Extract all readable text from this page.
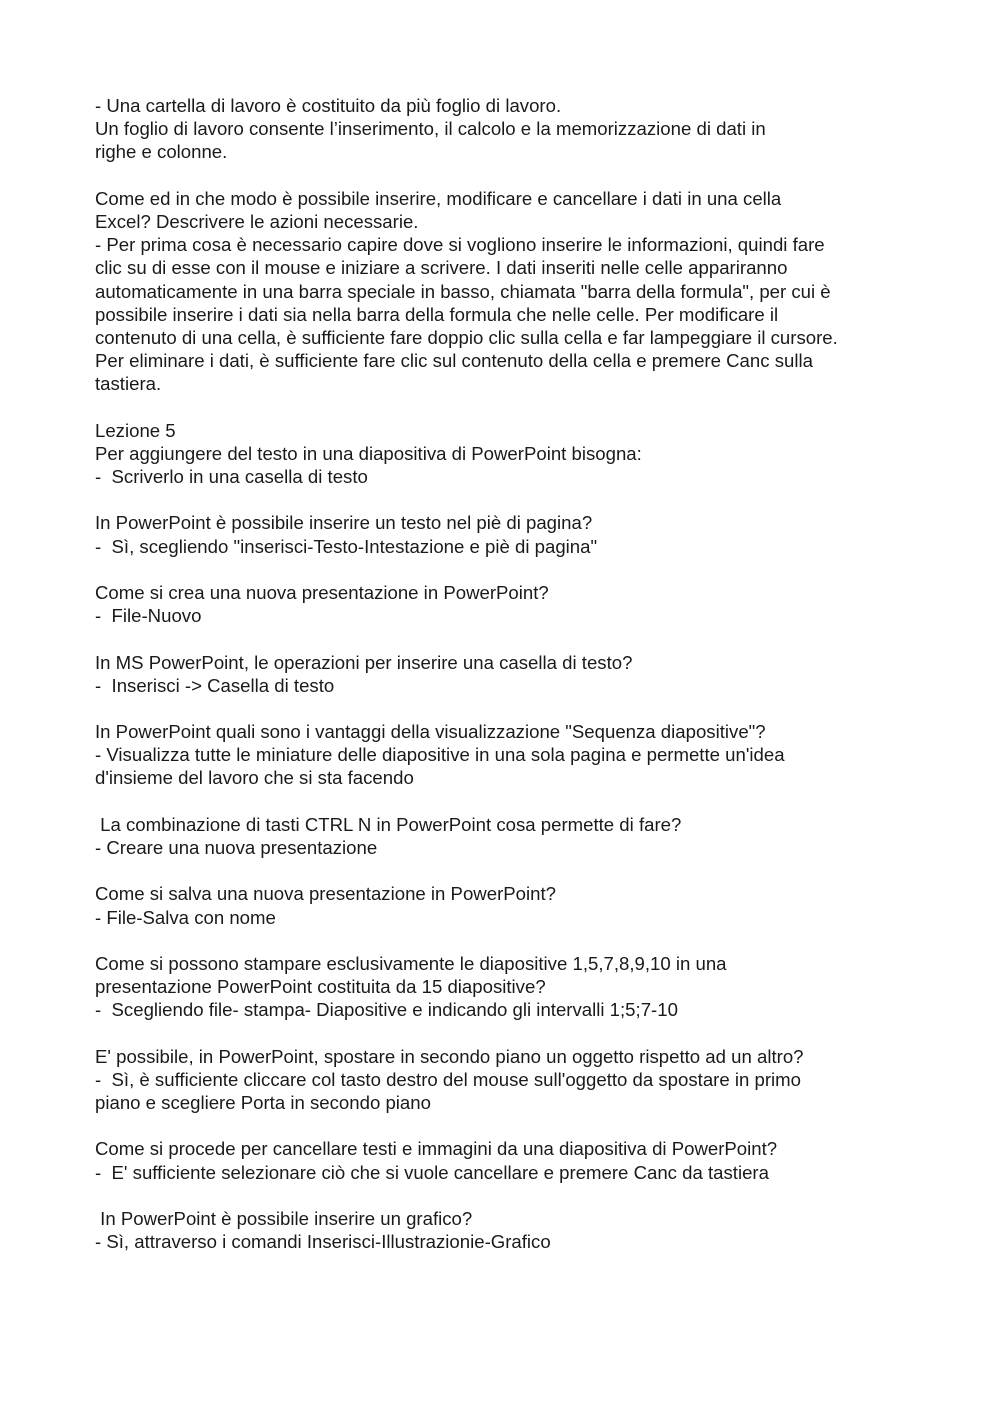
- Una cartella di lavoro è costituito da più foglio di lavoro.
Un foglio di lavoro consente l’inserimento, il calcolo e la memorizzazione di dati in
righe e colonne.
Come ed in che modo è possibile inserire, modificare e cancellare i dati in una cella
Excel? Descrivere le azioni necessarie.
- Per prima cosa è necessario capire dove si vogliono inserire le informazioni, quindi fare
clic su di esse con il mouse e iniziare a scrivere. I dati inseriti nelle celle appariranno
automaticamente in una barra speciale in basso, chiamata "barra della formula", per cui è
possibile inserire i dati sia nella barra della formula che nelle celle. Per modificare il
contenuto di una cella, è sufficiente fare doppio clic sulla cella e far lampeggiare il cursore.
Per eliminare i dati, è sufficiente fare clic sul contenuto della cella e premere Canc sulla
tastiera.
Lezione 5
Per aggiungere del testo in una diapositiva di PowerPoint bisogna:
-  Scriverlo in una casella di testo
In PowerPoint è possibile inserire un testo nel piè di pagina?
-  Sì, scegliendo "inserisci-Testo-Intestazione e piè di pagina"
Come si crea una nuova presentazione in PowerPoint?
-  File-Nuovo
In MS PowerPoint, le operazioni per inserire una casella di testo?
-  Inserisci -> Casella di testo
In PowerPoint quali sono i vantaggi della visualizzazione "Sequenza diapositive"?
- Visualizza tutte le miniature delle diapositive in una sola pagina e permette un'idea
d'insieme del lavoro che si sta facendo
La combinazione di tasti CTRL N in PowerPoint cosa permette di fare?
- Creare una nuova presentazione
Come si salva una nuova presentazione in PowerPoint?
- File-Salva con nome
Come si possono stampare esclusivamente le diapositive 1,5,7,8,9,10 in una
presentazione PowerPoint costituita da 15 diapositive?
-  Scegliendo file- stampa- Diapositive e indicando gli intervalli 1;5;7-10
E' possibile, in PowerPoint, spostare in secondo piano un oggetto rispetto ad un altro?
-  Sì, è sufficiente cliccare col tasto destro del mouse sull'oggetto da spostare in primo
piano e scegliere Porta in secondo piano
Come si procede per cancellare testi e immagini da una diapositiva di PowerPoint?
-  E' sufficiente selezionare ciò che si vuole cancellare e premere Canc da tastiera
In PowerPoint è possibile inserire un grafico?
- Sì, attraverso i comandi Inserisci-Illustrazionie-Grafico
